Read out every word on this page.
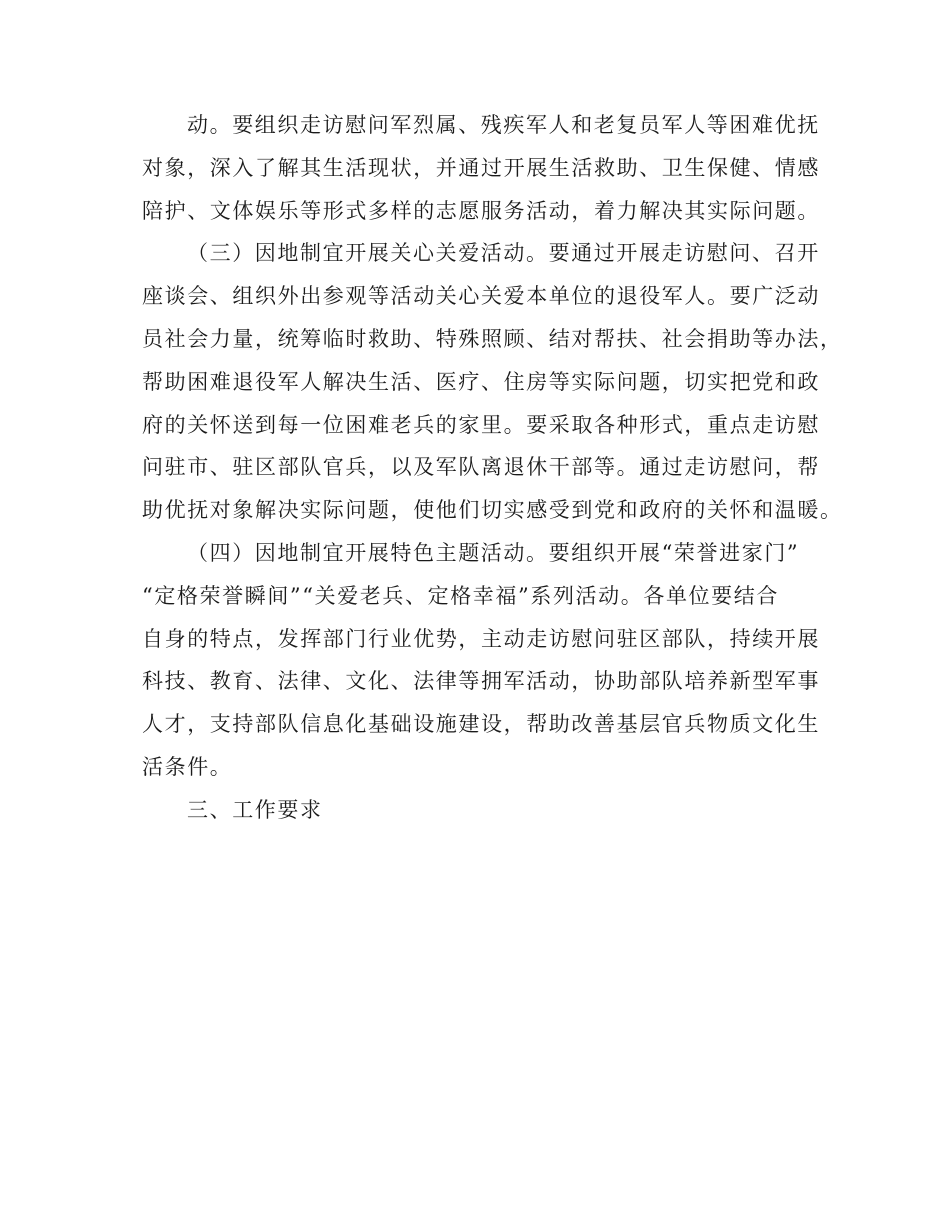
动。要组织走访慰问军烈属、残疾军人和老复员军人等困难优抚
对象，深入了解其生活现状，并通过开展生活救助、卫生保健、情感
陪护、文体娱乐等形式多样的志愿服务活动，着力解决其实际问题。
（三）因地制宜开展关心关爱活动。要通过开展走访慰问、召开
座谈会、组织外出参观等活动关心关爱本单位的退役军人。要广泛动
员社会力量，统筹临时救助、特殊照顾、结对帮扶、社会捐助等办法，
帮助困难退役军人解决生活、医疗、住房等实际问题，切实把党和政
府的关怀送到每一位困难老兵的家里。要采取各种形式，重点走访慰
问驻市、驻区部队官兵，以及军队离退休干部等。通过走访慰问，帮
助优抚对象解决实际问题，使他们切实感受到党和政府的关怀和温暖。
（四）因地制宜开展特色主题活动。要组织开展“荣誉进家门”
“定格荣誉瞬间”“关爱老兵、定格幸福”系列活动。各单位要结合
自身的特点，发挥部门行业优势，主动走访慰问驻区部队，持续开展
科技、教育、法律、文化、法律等拥军活动，协助部队培养新型军事
人才，支持部队信息化基础设施建设，帮助改善基层官兵物质文化生
活条件。
三、工作要求
